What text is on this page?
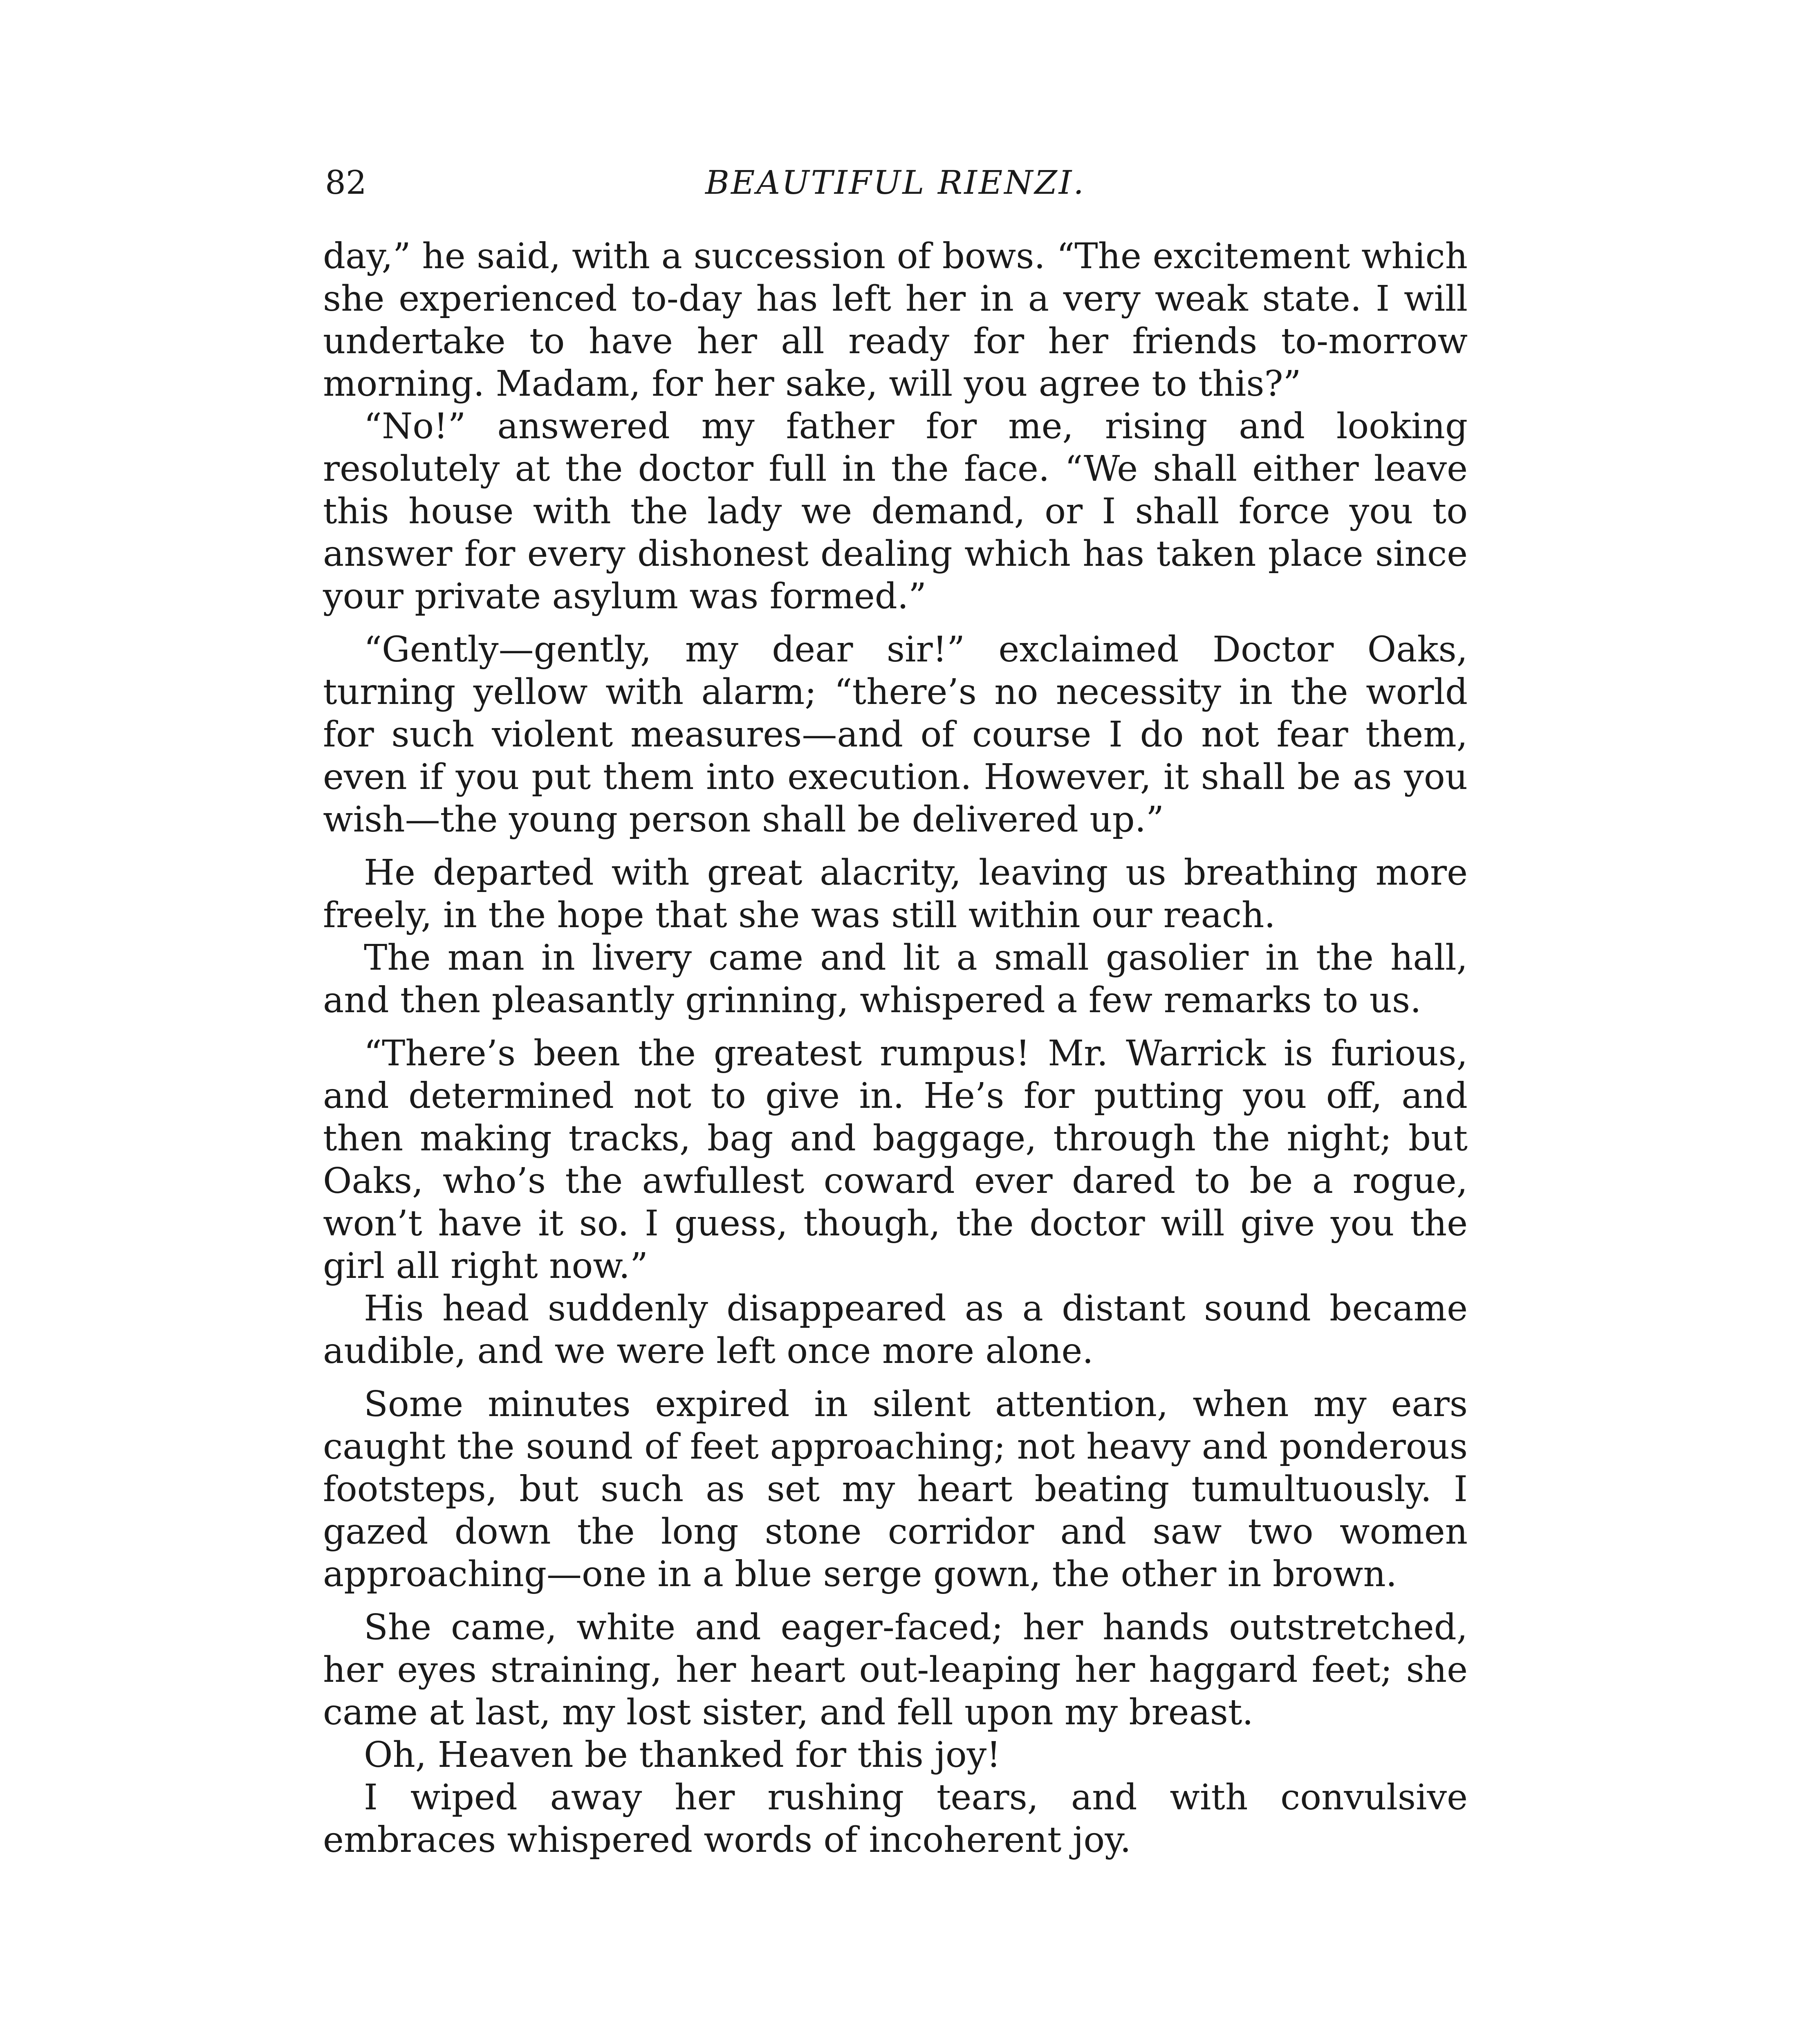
82	BEAUTIFUL RIENZI.

day,” he said, with a succession of bows. “The excitement which she experienced to-day has left her in a very weak state. I will undertake to have her all ready for her friends to-morrow morning. Madam, for her sake, will you agree to this?”

“No!” answered my father for me, rising and looking resolutely at the doctor full in the face. “We shall either leave this house with the lady we demand, or I shall force you to answer for every dishonest dealing which has taken place since your private asylum was formed.”

“Gently—gently, my dear sir!” exclaimed Doctor Oaks, turning yellow with alarm; “there’s no necessity in the world for such violent measures—and of course I do not fear them, even if you put them into execution. However, it shall be as you wish—the young person shall be delivered up.”

He departed with great alacrity, leaving us breathing more freely, in the hope that she was still within our reach.

The man in livery came and lit a small gasolier in the hall, and then pleasantly grinning, whispered a few remarks to us.

“There’s been the greatest rumpus! Mr. Warrick is furious, and determined not to give in. He’s for putting you off, and then making tracks, bag and baggage, through the night; but Oaks, who’s the awfullest coward ever dared to be a rogue, won’t have it so. I guess, though, the doctor will give you the girl all right now.”

His head suddenly disappeared as a distant sound became audible, and we were left once more alone.

Some minutes expired in silent attention, when my ears caught the sound of feet approaching; not heavy and ponderous footsteps, but such as set my heart beating tumultuously. I gazed down the long stone corridor and saw two women approaching—one in a blue serge gown, the other in brown.

She came, white and eager-faced; her hands outstretched, her eyes straining, her heart out-leaping her haggard feet; she came at last, my lost sister, and fell upon my breast.

Oh, Heaven be thanked for this joy!

I wiped away her rushing tears, and with convulsive embraces whispered words of incoherent joy.
